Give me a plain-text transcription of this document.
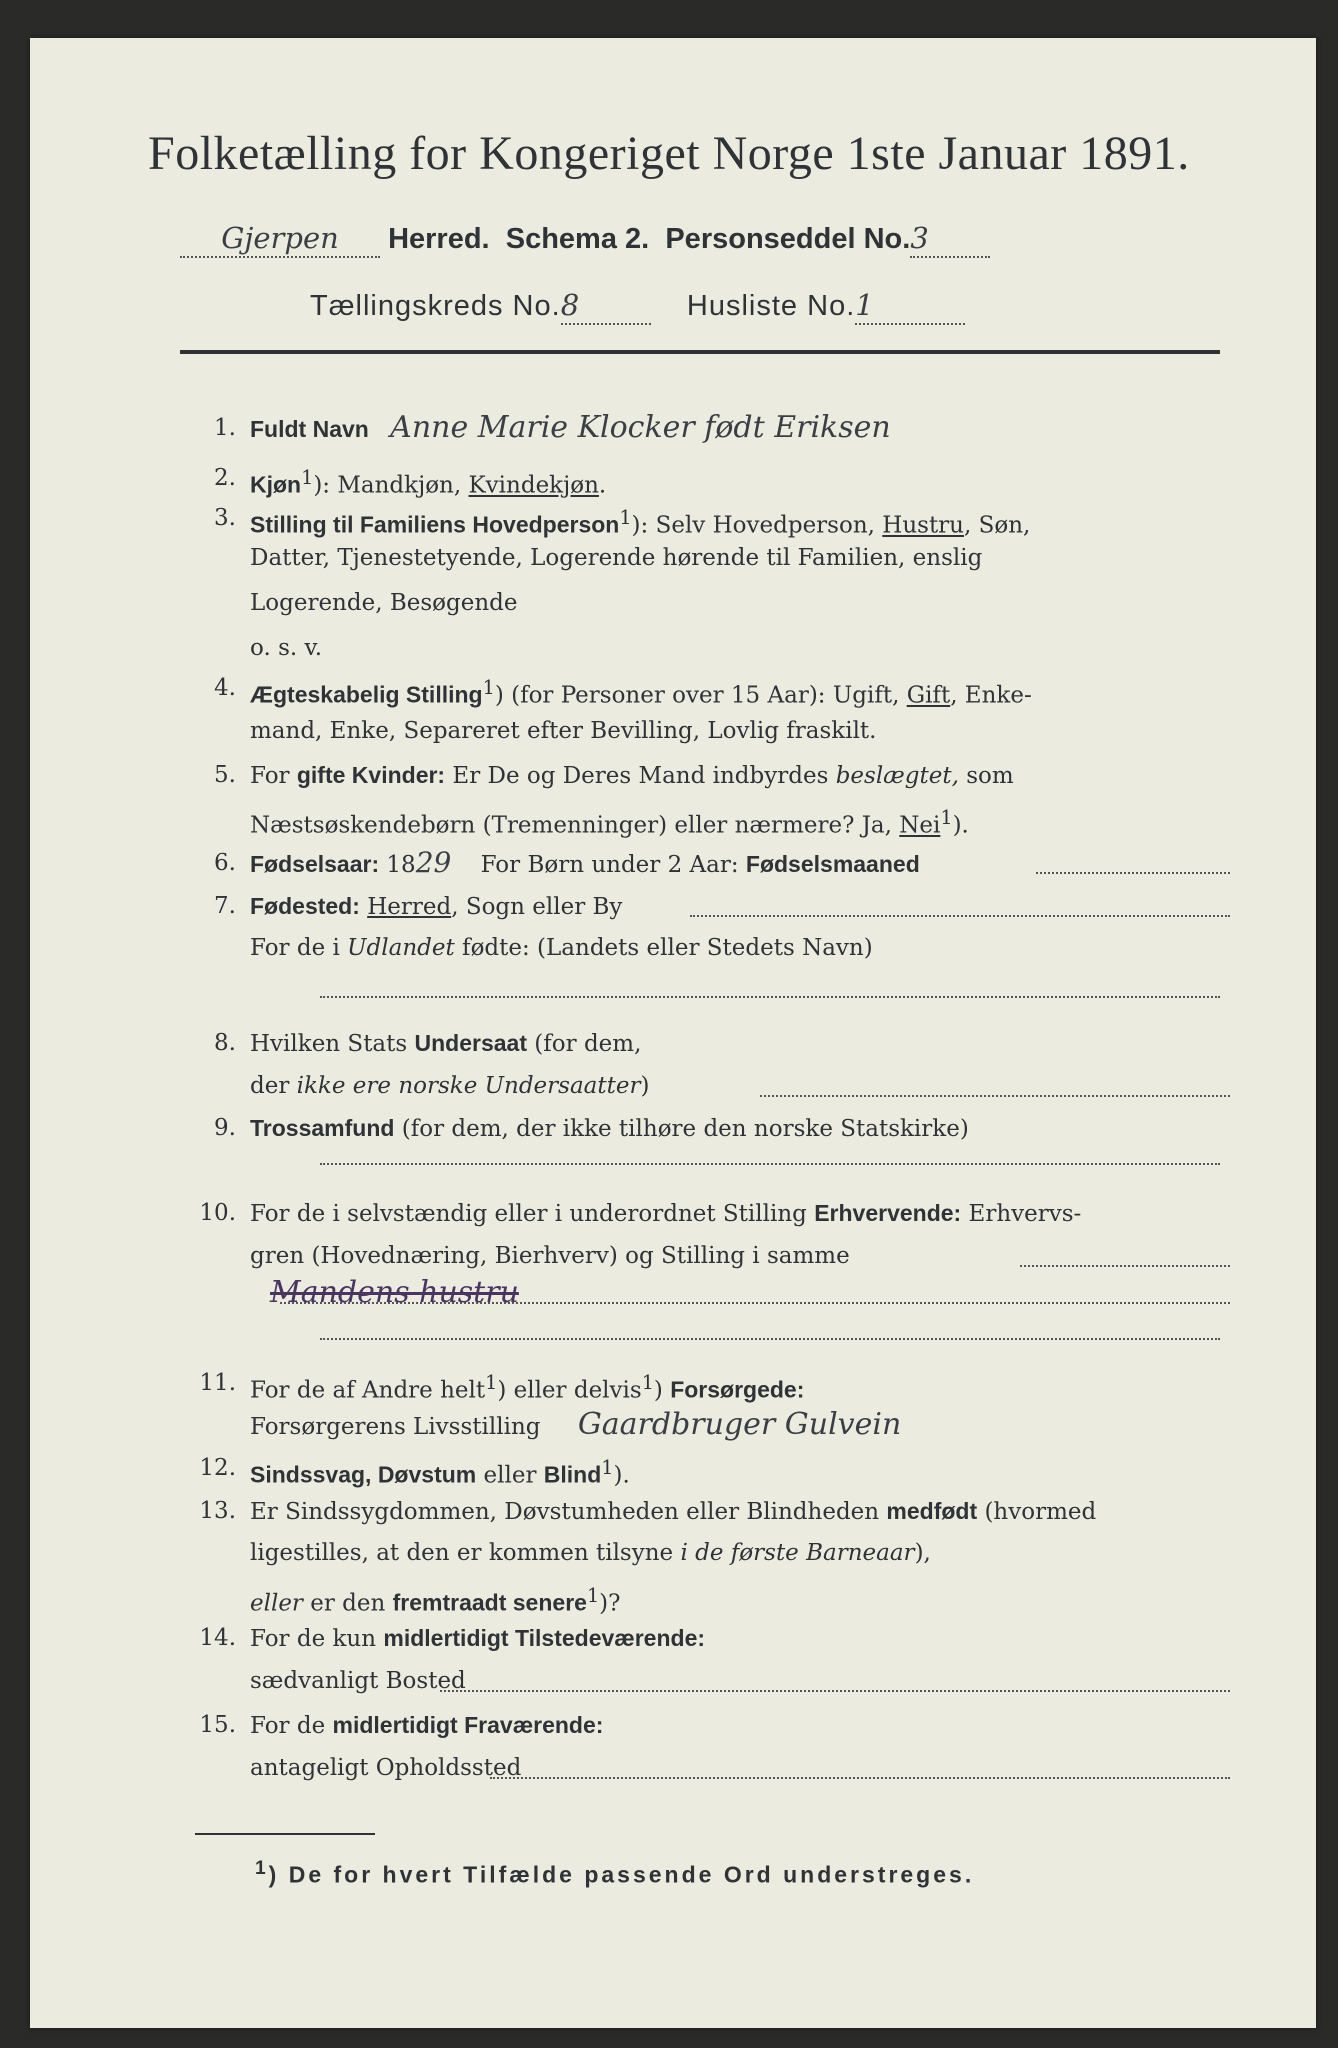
Folketælling for Kongeriget Norge 1ste Januar 1891.
Gjerpen Herred. Schema 2. Personseddel No.3
Tællingskreds No.8	Husliste No.1
1. Fuldt Navn Anne Marie Klocker født Eriksen
2. Kjøn$^1$): Mandkjøn, Kvindekjøn.
3. Stilling til Familiens Hovedperson$^1$): Selv Hovedperson, Hustru, Søn,
Datter, Tjenestetyende, Logerende hørende til Familien, enslig
Logerende, Besøgende
o. s. v.
4. Ægteskabelig Stilling$^1$) (for Personer over 15 Aar): Ugift, Gift, Enke-
mand, Enke, Separeret efter Bevilling, Lovlig fraskilt.
5. For gifte Kvinder: Er De og Deres Mand indbyrdes beslægtet, som
Næstsøskendebørn (Tremenninger) eller nærmere? Ja, Nei$^1$).
6. Fødselsaar: 1829 For Børn under 2 Aar: Fødselsmaaned
7. Fødested: Herred, Sogn eller By
For de i Udlandet fødte: (Landets eller Stedets Navn)
8. Hvilken Stats Undersaat (for dem,
der ikke ere norske Undersaatter)
9. Trossamfund (for dem, der ikke tilhøre den norske Statskirke)
10. For de i selvstændig eller i underordnet Stilling Erhvervende: Erhvervs-
gren (Hovednæring, Bierhverv) og Stilling i samme
Mandens hustru
11. For de af Andre helt$^1$) eller delvis$^1$) Forsørgede:
Forsørgerens Livsstilling Gaardbruger Gulvein
12. Sindssvag, Døvstum eller Blind$^1$).
13. Er Sindssygdommen, Døvstumheden eller Blindheden medfødt (hvormed
ligestilles, at den er kommen tilsyne i de første Barneaar),
eller er den fremtraadt senere$^1$)?
14. For de kun midlertidigt Tilstedeværende:
sædvanligt Bosted
15. For de midlertidigt Fraværende:
antageligt Opholdssted
$^1$) De for hvert Tilfælde passende Ord understreges.
